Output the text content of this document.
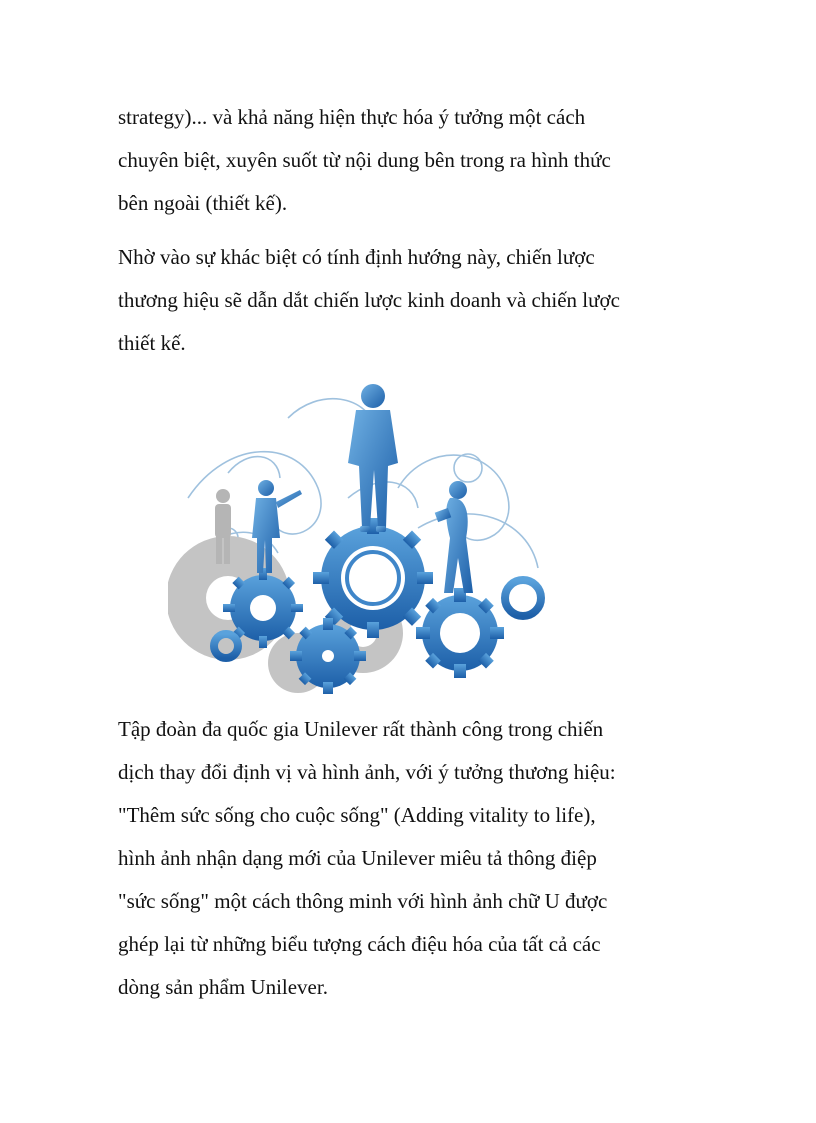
strategy)... và khả năng hiện thực hóa ý tưởng một cách
chuyên biệt, xuyên suốt từ nội dung bên trong ra hình thức
bên ngoài (thiết kế).
Nhờ vào sự khác biệt có tính định hướng này, chiến lược
thương hiệu sẽ dẫn dắt chiến lược kinh doanh và chiến lược
thiết kế.
Tập đoàn đa quốc gia Unilever rất thành công trong chiến
dịch thay đổi định vị và hình ảnh, với ý tưởng thương hiệu:
"Thêm sức sống cho cuộc sống" (Adding vitality to life),
hình ảnh nhận dạng mới của Unilever miêu tả thông điệp
"sức sống" một cách thông minh với hình ảnh chữ U được
ghép lại từ những biểu tượng cách điệu hóa của tất cả các
dòng sản phẩm Unilever.
